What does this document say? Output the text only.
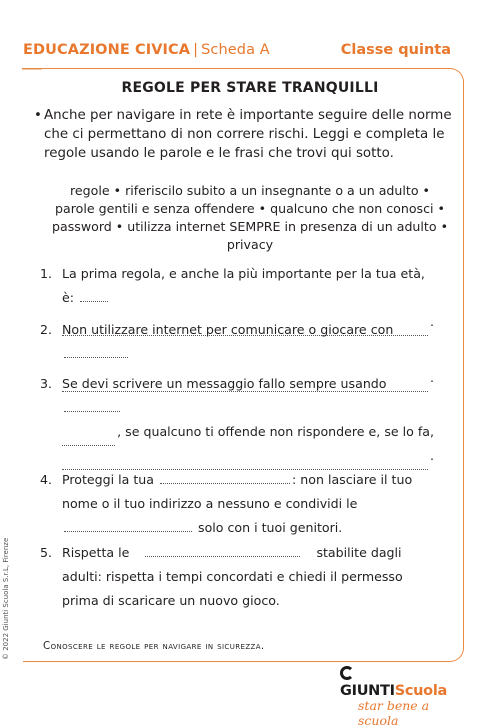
EDUCAZIONE CIVICA | Scheda A	Classe quinta
REGOLE PER STARE TRANQUILLI
• Anche per navigare in rete è importante seguire delle norme che ci permettano di non correre rischi. Leggi e completa le regole usando le parole e le frasi che trovi qui sotto.
regole • riferiscilo subito a un insegnante o a un adulto •
parole gentili e senza offendere • qualcuno che non conosci •
password • utilizza internet SEMPRE in presenza di un adulto •
privacy
1. La prima regola, e anche la più importante per la tua età, è:
.
2. Non utilizzare internet per comunicare o giocare con
.
3. Se devi scrivere un messaggio fallo sempre usando
, se qualcuno ti offende non rispondere e, se lo fa,
.
4. Proteggi la tua	: non lasciare il tuo nome o il tuo indirizzo a nessuno e condividi le  solo con i tuoi genitori.
5. Rispetta le	stabilite dagli adulti: rispetta i tempi concordati e chiedi il permesso prima di scaricare un nuovo gioco.
Conoscere le regole per navigare in sicurezza.
© 2022 Giunti Scuola S.r.L, Firenze
GIUNTIScuola
star bene a scuola
